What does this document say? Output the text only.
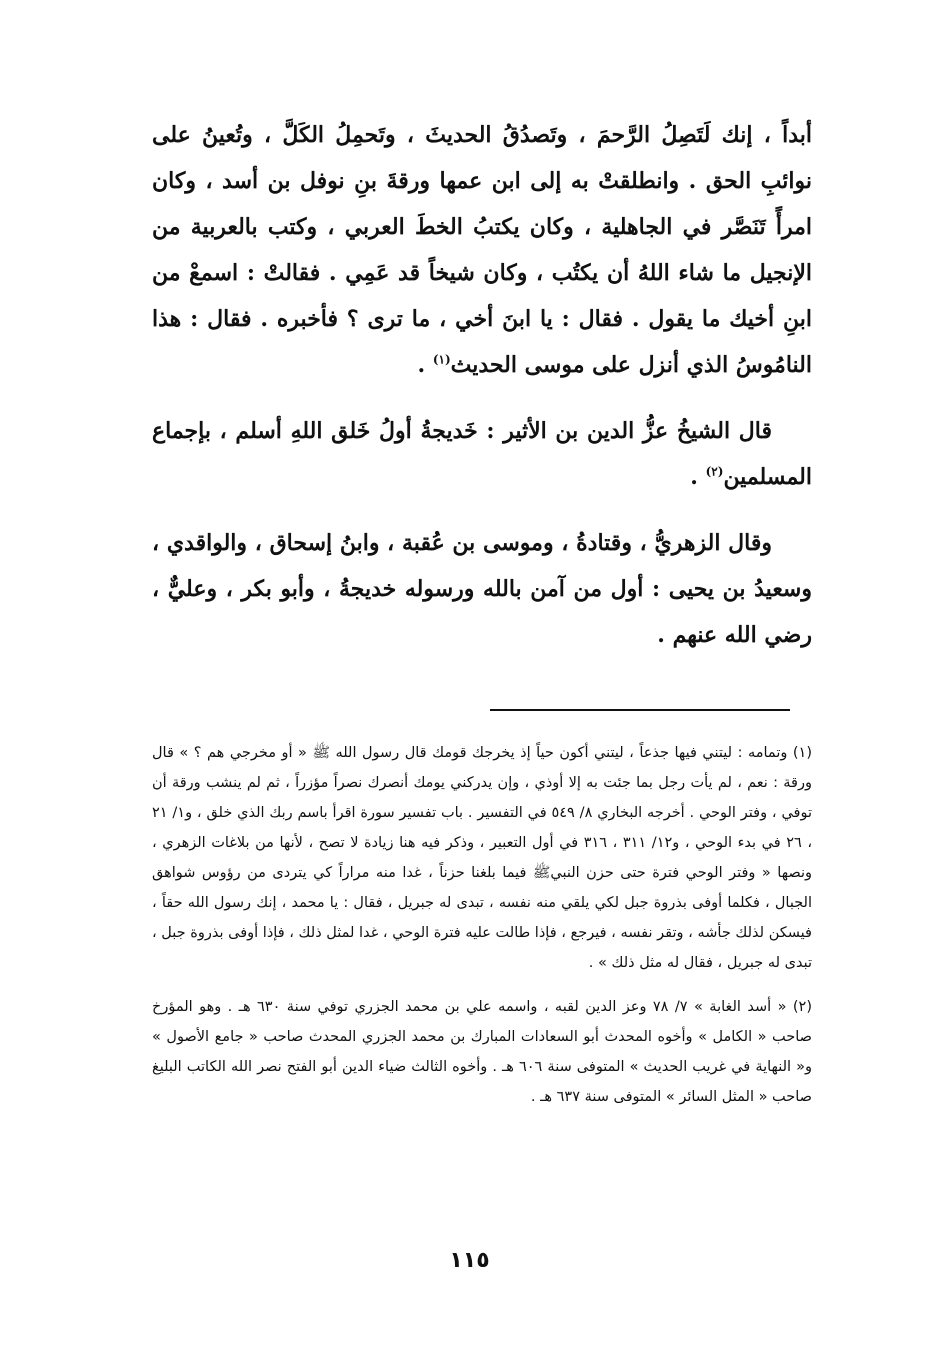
أبداً ، إنك لَتَصِلُ الرَّحمَ ، وتَصدُقُ الحديثَ ، وتَحمِلُ الكَلَّ ، وتُعينُ على نوائبِ الحق . وانطلقتْ به إلى ابن عمها ورقةَ بنِ نوفل بن أسد ، وكان امرأً تَنَصَّر في الجاهلية ، وكان يكتبُ الخطَ العربي ، وكتب بالعربية من الإنجيل ما شاء اللهُ أن يكتُب ، وكان شيخاً قد عَمِي . فقالتْ : اسمعْ من ابنِ أخيك ما يقول . فقال : يا ابنَ أخي ، ما ترى ؟ فأخبره . فقال : هذا النامُوسُ الذي أنزل على موسى الحديث$^{(١)}$ .

قال الشيخُ عزُّ الدين بن الأثير : خَديجةُ أولُ خَلق اللهِ أسلم ، بإجماع المسلمين$^{(٢)}$ .

وقال الزهريُّ ، وقتادةُ ، وموسى بن عُقبة ، وابنُ إسحاق ، والواقدي ، وسعيدُ بن يحيى : أول من آمن بالله ورسوله خديجةُ ، وأبو بكر ، وعليٌّ ، رضي الله عنهم .

(١) وتمامه : ليتني فيها جذعاً ، ليتني أكون حياً إذ يخرجك قومك قال رسول الله ﷺ « أو مخرجي هم ؟ » قال ورقة : نعم ، لم يأت رجل بما جئت به إلا أوذي ، وإن يدركني يومك أنصرك نصراً مؤزراً ، ثم لم ينشب ورقة أن توفي ، وفتر الوحي . أخرجه البخاري ٨/ ٥٤٩ في التفسير . باب تفسير سورة اقرأ باسم ربك الذي خلق ، و١/ ٢١ ، ٢٦ في بدء الوحي ، و١٢/ ٣١١ ، ٣١٦ في أول التعبير ، وذكر فيه هنا زيادة لا تصح ، لأنها من بلاغات الزهري ، ونصها « وفتر الوحي فترة حتى حزن النبيﷺ فيما بلغنا حزناً ، غدا منه مراراً كي يتردى من رؤوس شواهق الجبال ، فكلما أوفى بذروة جبل لكي يلقي منه نفسه ، تبدى له جبريل ، فقال : يا محمد ، إنك رسول الله حقاً ، فيسكن لذلك جأشه ، وتقر نفسه ، فيرجع ، فإذا طالت عليه فترة الوحي ، غدا لمثل ذلك ، فإذا أوفى بذروة جبل ، تبدى له جبريل ، فقال له مثل ذلك » .

(٢) « أسد الغابة » ٧/ ٧٨ وعز الدين لقبه ، واسمه علي بن محمد الجزري توفي سنة ٦٣٠ هـ . وهو المؤرخ صاحب « الكامل » وأخوه المحدث أبو السعادات المبارك بن محمد الجزري المحدث صاحب « جامع الأصول » و« النهاية في غريب الحديث » المتوفى سنة ٦٠٦ هـ . وأخوه الثالث ضياء الدين أبو الفتح نصر الله الكاتب البليغ صاحب « المثل السائر » المتوفى سنة ٦٣٧ هـ .

١١٥
